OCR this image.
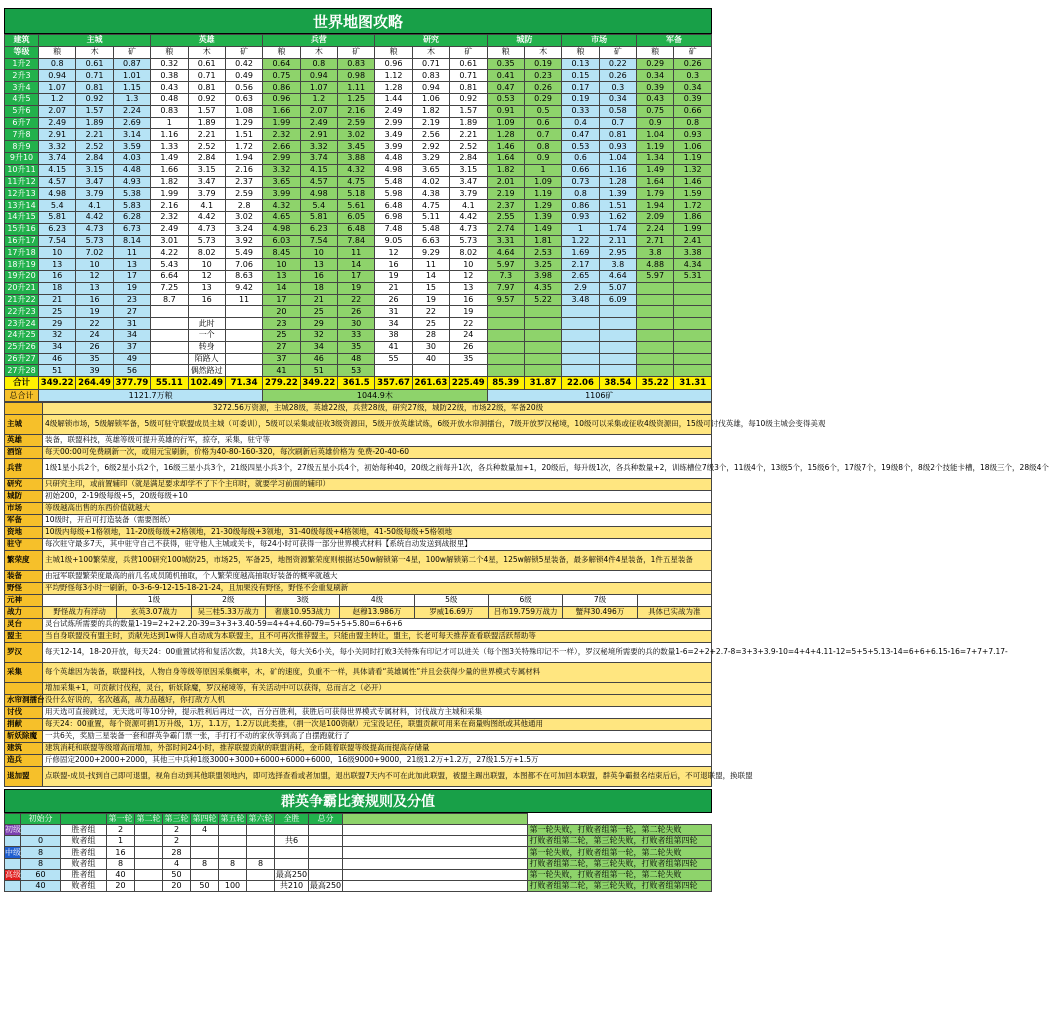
世界地图攻略
建筑	主城			英雄			兵营			研究			城防		市场		军备	
等级	粮	木	矿	粮	木	矿	粮	木	矿	粮	木	矿	粮	木	粮	矿	粮	矿
1升2	0.8	0.61	0.87	0.32	0.61	0.42	0.64	0.8	0.83	0.96	0.71	0.61	0.35	0.19	0.13	0.22	0.29	0.26
2升3	0.94	0.71	1.01	0.38	0.71	0.49	0.75	0.94	0.98	1.12	0.83	0.71	0.41	0.23	0.15	0.26	0.34	0.3
3升4	1.07	0.81	1.15	0.43	0.81	0.56	0.86	1.07	1.11	1.28	0.94	0.81	0.47	0.26	0.17	0.3	0.39	0.34
4升5	1.2	0.92	1.3	0.48	0.92	0.63	0.96	1.2	1.25	1.44	1.06	0.92	0.53	0.29	0.19	0.34	0.43	0.39
5升6	2.07	1.57	2.24	0.83	1.57	1.08	1.66	2.07	2.16	2.49	1.82	1.57	0.91	0.5	0.33	0.58	0.75	0.66
6升7	2.49	1.89	2.69	1	1.89	1.29	1.99	2.49	2.59	2.99	2.19	1.89	1.09	0.6	0.4	0.7	0.9	0.8
7升8	2.91	2.21	3.14	1.16	2.21	1.51	2.32	2.91	3.02	3.49	2.56	2.21	1.28	0.7	0.47	0.81	1.04	0.93
8升9	3.32	2.52	3.59	1.33	2.52	1.72	2.66	3.32	3.45	3.99	2.92	2.52	1.46	0.8	0.53	0.93	1.19	1.06
9升10	3.74	2.84	4.03	1.49	2.84	1.94	2.99	3.74	3.88	4.48	3.29	2.84	1.64	0.9	0.6	1.04	1.34	1.19
10升11	4.15	3.15	4.48	1.66	3.15	2.16	3.32	4.15	4.32	4.98	3.65	3.15	1.82	1	0.66	1.16	1.49	1.32
11升12	4.57	3.47	4.93	1.82	3.47	2.37	3.65	4.57	4.75	5.48	4.02	3.47	2.01	1.09	0.73	1.28	1.64	1.46
12升13	4.98	3.79	5.38	1.99	3.79	2.59	3.99	4.98	5.18	5.98	4.38	3.79	2.19	1.19	0.8	1.39	1.79	1.59
13升14	5.4	4.1	5.83	2.16	4.1	2.8	4.32	5.4	5.61	6.48	4.75	4.1	2.37	1.29	0.86	1.51	1.94	1.72
14升15	5.81	4.42	6.28	2.32	4.42	3.02	4.65	5.81	6.05	6.98	5.11	4.42	2.55	1.39	0.93	1.62	2.09	1.86
15升16	6.23	4.73	6.73	2.49	4.73	3.24	4.98	6.23	6.48	7.48	5.48	4.73	2.74	1.49	1	1.74	2.24	1.99
16升17	7.54	5.73	8.14	3.01	5.73	3.92	6.03	7.54	7.84	9.05	6.63	5.73	3.31	1.81	1.22	2.11	2.71	2.41
17升18	10	7.02	11	4.22	8.02	5.49	8.45	10	11	12	9.29	8.02	4.64	2.53	1.69	2.95	3.8	3.38
18升19	13	10	13	5.43	10	7.06	10	13	14	16	11	10	5.97	3.25	2.17	3.8	4.88	4.34
19升20	16	12	17	6.64	12	8.63	13	16	17	19	14	12	7.3	3.98	2.65	4.64	5.97	5.31
20升21	18	13	19	7.25	13	9.42	14	18	19	21	15	13	7.97	4.35	2.9	5.07		
21升22	21	16	23	8.7	16	11	17	21	22	26	19	16	9.57	5.22	3.48	6.09		
22升23	25	19	27				20	25	26	31	22	19						
23升24	29	22	31		此时		23	29	30	34	25	22						
24升25	32	24	34		一个		25	32	33	38	28	24						
25升26	34	26	37		转身		27	34	35	41	30	26						
26升27	46	35	49		陌路人		37	46	48	55	40	35						
27升28	51	39	56		偶然路过		41	51	53									
合计	349.22	264.49	377.79	55.11	102.49	71.34	279.22	349.22	361.5	357.67	261.63	225.49	85.39	31.87	22.06	38.54	35.22	31.31
总合计	1121.7万粮						1044.9木						1106矿					
	3272.56万资源，主城28级，英雄22级，兵营28级，研究27级，城防22级，市场22级，军备20级								
主城	4级解锁市场，5级解锁军备，5级可驻守联盟成员主城（可委训），5级可以采集或征收3级资源田，5级开放英雄试炼，6级开放水帘洞擂台，7级开放罗汉秘境，10级可以采集或征收4级资源田，15级可讨伐英雄，每10级主城会变得美观								
英雄	装备，联盟科技，英雄等级可提升英雄的行军，掠夺，采集，驻守等								
酒馆	每天00:00可免费刷新一次，或用元宝刷新，价格为40-80-160-320，每次刷新后英雄价格为 免费-20-40-60								
兵营	1级1星小兵2个，6级2星小兵2个，16级三星小兵3个，21级四星小兵3个，27级五星小兵4个，初始每种40，20级之前每升1次，各兵种数量加+1，20级后，每升级1次，各兵种数量+2，训练槽位7级3个，11级4个，13级5个，15级6个，17级7个，19级8个，8级2个技能卡槽，18级三个，28级4个								
研究	只研究主印，或前置辅印（就是满足要求却学不了下个主印时，就要学习前面的辅印）								
城防	初始200，2-19级每级+5，20级每级+10								
市场	等级越高出售的东西价值就越大								
军备	10级时，开启可打造装备（需要图纸）								
资地	10级内每级+1格领地，11-20级每级+2格领地，21-30级每级+3领地，31-40级每级+4格领地，41-50级每级+5格领地								
驻守	每次驻守最多7天，其中驻守自己不获得，驻守他人主城或关卡，每24小时可获得一部分世界模式材料【系统自动发送到战报里】								
繁荣度	主城1级+100繁荣度，兵营100研究100城防25，市场25，军备25，地图资源繁荣度则根据达50w解锁第一4星，100w解锁第二个4星，125w解锁5星装备，最多解锁4件4星装备，1件五星装备								
装备	由冠军联盟繁荣度最高的前几名成员随机抽取，个人繁荣度越高抽取好装备的概率就越大								
野怪	平均野怪每3小时一刷新，0-3-6-9-12-15-18-21-24，且加果没有野怪，野怪不会重复刷新								
元神		1级	2级	3级	4级	5级	6级	7级	
战力	野怪战力有浮动	玄英3.07战力	吴三桂5.33万战力	奢康10.953战力	赵穆13.986万	罗威16.69万	吕布19.759万战力	蟹拜30.496万	具体已实战为准
灵台	灵台试炼所需要的兵的数量1-19=2+2+2.20-39=3+3+3.40-59=4+4+4.60-79=5+5+5.80=6+6+6								
盟主	当自身联盟没有盟主时，贡献先达到1w得人自动成为本联盟主，且不可再次推荐盟主，只能由盟主转让，盟主，长老可每天推荐查看联盟活跃帮助等								
罗汉	每天12-14，18-20开放，每天24：00重置试将和复活次数，共18大关，每大关6小关，每小关同时打败3关特殊有印记才可以进关（每个图3关特殊印记不一样），罗汉秘境所需要的兵的数量1-6=2+2+2.7-8=3+3+3.9-10=4+4+4.11-12=5+5+5.13-14=6+6+6.15-16=7+7+7.17-								
采集	每个英雄因为装备，联盟科技，人物自身等级等原因采集概率，木，矿的速度，负重不一样，具体请看“英雄属性”并且会获得少量的世界模式专属材料								
	增加采集+1，可贡献讨伐程，灵台，斩妖除魔，罗汉秘境等，有关活动中可以获得，总而言之（必开）								
水帘洞擂台	没什么好说的，名次越高，战力品越好，你打敌方人机								
讨伐	用天选可直接跳过，无天选可等10分钟，提示胜利后再过一次，百分百胜利，获胜后可获得世界模式专属材料，讨伐战方主城和采集								
捐献	每天24：00重置，每个资源可捐1万升级，1万，1.1万，1.2万以此类推，（捐一次是100资献）元宝没记任，联盟贡献可用来在商量购图纸或其他通用								
斩妖除魔	一共6关，奖励三星装备一套和群英争霸门票一张，手打打不动的家伙等到高了自摆跑就行了								
建筑	建筑消耗和联盟等级增高而增加，外部时间24小时，推荐联盟贡献的联盟消耗，金币随着联盟等级提高而提高存储量								
造兵	斤修固定2000+2000+2000，其他三中兵种1级3000+3000+6000+6000+6000，16级9000+9000，21级1.2万+1.2万，27级1.5万+1.5万								
退加盟	点联盟-成员-找到自己即可退盟，视角自动到其他联盟领地内，即可选择查看或者加盟，退出联盟7天内不可在此加此联盟，被盟主踢出联盟，本图都不在可加回本联盟，群英争霸报名结束后后，不可退联盟，换联盟								
群英争霸比赛规则及分值
	初始分		第一轮	第二轮	第三轮	第四轮	第五轮	第六轮	全胜	总分		
初级		胜者组	2		2	4						第一轮失败，打败者组第一轮，第二轮失败
	0	败者组	1		2				共6			打败者组第二轮，第三轮失败，打败者组第四轮
中级	8	胜者组	16		28							第一轮失败，打败者组第一轮，第二轮失败
	8	败者组	8		4	8	8	8				打败者组第二轮，第三轮失败，打败者组第四轮
高级	60	胜者组	40		50				最高250			第一轮失败，打败者组第一轮，第二轮失败
	40	败者组	20		20	50	100		共210	最高250		打败者组第二轮，第三轮失败，打败者组第四轮
